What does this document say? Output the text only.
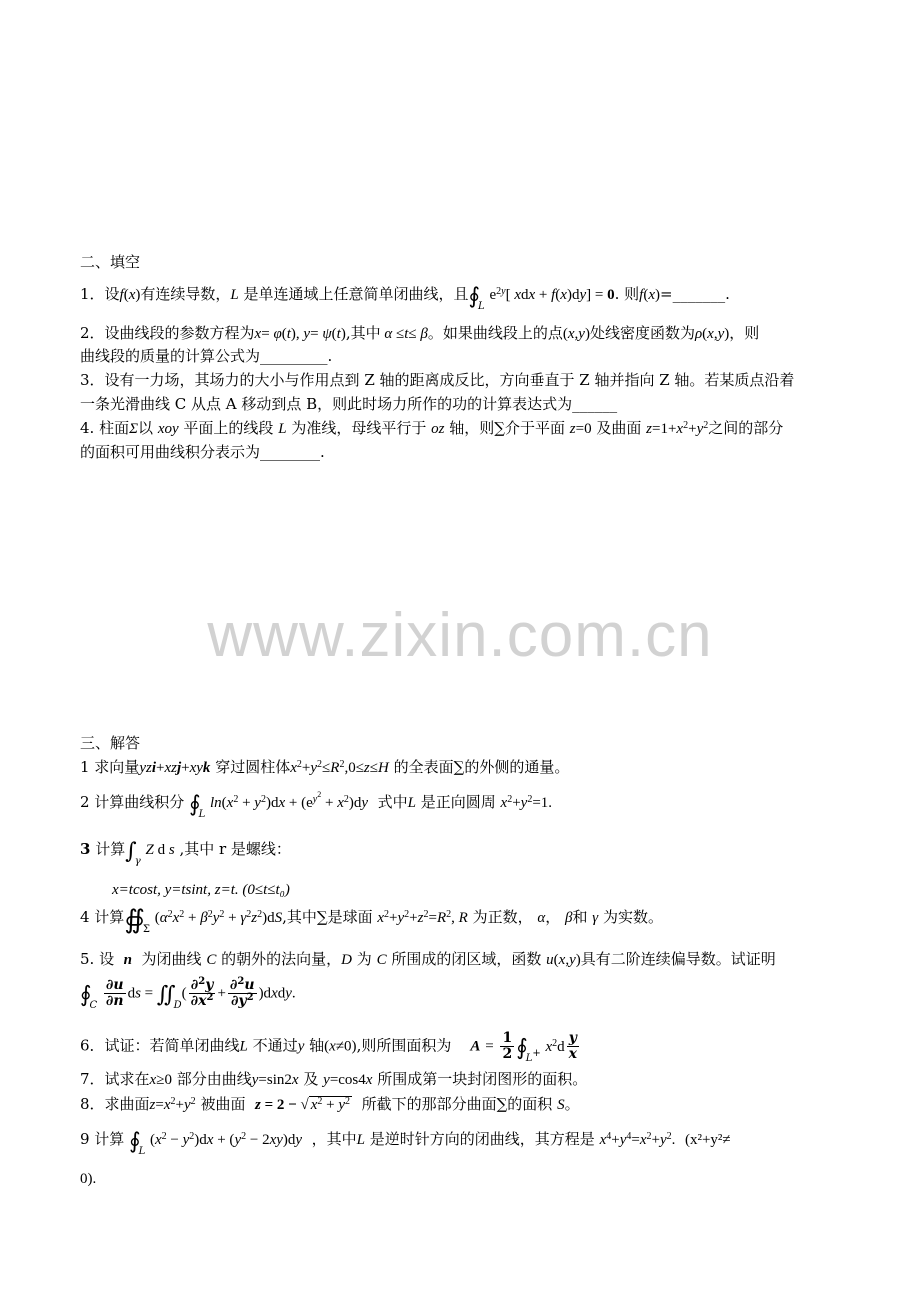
二、填空
1．设f(x)有连续导数，L 是单连通域上任意简单闭曲线，且$∮_L$ $e^{2y}$[ xdx + f(x)dy] = 0. 则f(x)=_______.
2．设曲线段的参数方程为x= φ(t), y= ψ(t),其中 α ≤t≤ β。如果曲线段上的点(x,y)处线密度函数为ρ(x,y)，则
曲线段的质量的计算公式为_________.
3．设有一力场，其场力的大小与作用点到 Z 轴的距离成反比，方向垂直于 Z 轴并指向 Z 轴。若某质点沿着
一条光滑曲线 C 从点 A 移动到点 B，则此时场力所作的功的计算表达式为______
4. 柱面Σ以 xoy 平面上的线段 L 为准线，母线平行于 oz 轴，则∑介于平面 z=0 及曲面 $z=1+x^2+y^2$之间的部分
的面积可用曲线积分表示为________.
www.zixin.com.cn
三、解答
1 求向量yzi+xzj+xyk 穿过圆柱体$x^2+y^2\le R^2,0\le z\le H$ 的全表面∑的外侧的通量。
2 计算曲线积分 $∮_L$ $\ln(x^2 + y^2)dx + (e^{y^2} + x^2)dy$ 式中L 是正向圆周 $x^2+y^2=1$.
3 计算$\int_\gamma$ Z d s ,其中 r 是螺线：
x=tcost, y=tsint, z=t. (0≤t≤t₀)
4 计算$∯_\Sigma$ $(\alpha^2x^2 + \beta^2y^2 + \gamma^2z^2)dS$,其中∑是球面 $x^2+y^2+z^2=R^2$, R 为正数， α， β和 γ 为实数。
5. 设 n 为闭曲线 C 的朝外的法向量，D 为 C 所围成的闭区域，函数 u(x,y)具有二阶连续偏导数。试证明
$∮_C \frac{\partial u}{\partial n}$ ds = $∬_D( \frac{\partial^2y}{\partial x^2} + \frac{\partial^2u}{\partial y^2}$ )dxdy.
6．试证：若简单闭曲线L 不通过y 轴(x≠0),则所围面积为 $A = \frac{1}{2}$ $∮_{L^+}$ $x^2d \frac{y}{x}$
7．试求在x≥0 部分由曲线y=sin2x 及 y=cos4x 所围成第一块封闭图形的面积。
8．求曲面$z=x^2+y^2$ 被曲面 z = 2 − √ $x^2 + y^2$ 所截下的那部分曲面∑的面积 S。
9 计算 $∮_L$ $(x^2 - y^2)dx + (y^2 - 2xy)dy$ ，其中L 是逆时针方向的闭曲线，其方程是 $x^4+y^4=x^2+y^2$. (x²+y²≠
0).
